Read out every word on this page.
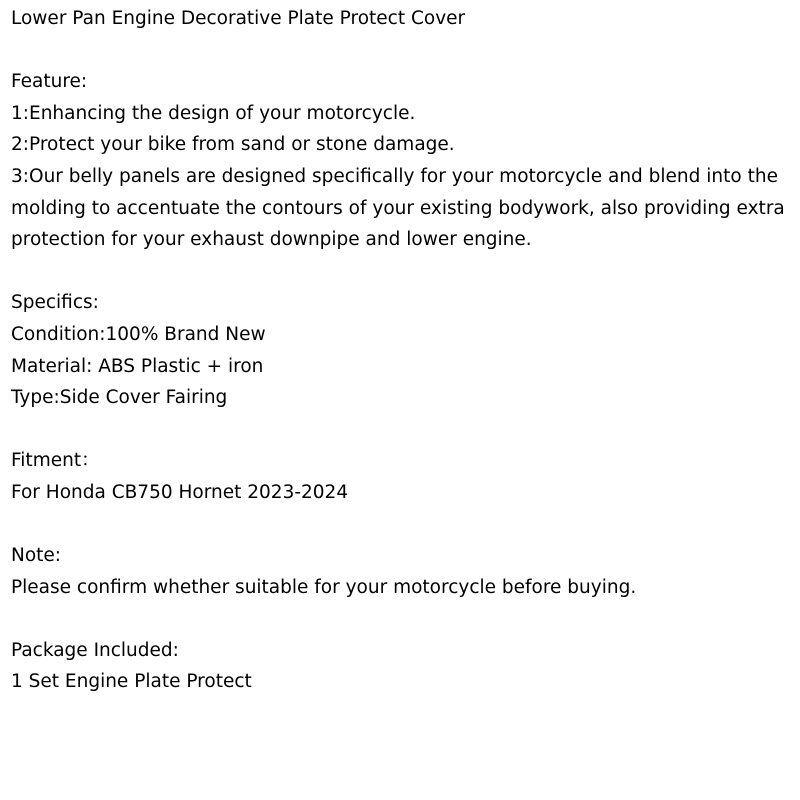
Lower Pan Engine Decorative Plate Protect Cover
Feature:
1:Enhancing the design of your motorcycle.
2:Protect your bike from sand or stone damage.
3:Our belly panels are designed specifically for your motorcycle and blend into the molding to accentuate the contours of your existing bodywork, also providing extra protection for your exhaust downpipe and lower engine.
Specifics:
Condition:100% Brand New
Material: ABS Plastic + iron
Type:Side Cover Fairing
Fitment：
For Honda CB750 Hornet 2023-2024
Note:
Please confirm whether suitable for your motorcycle before buying.
Package Included:
1 Set Engine Plate Protect
